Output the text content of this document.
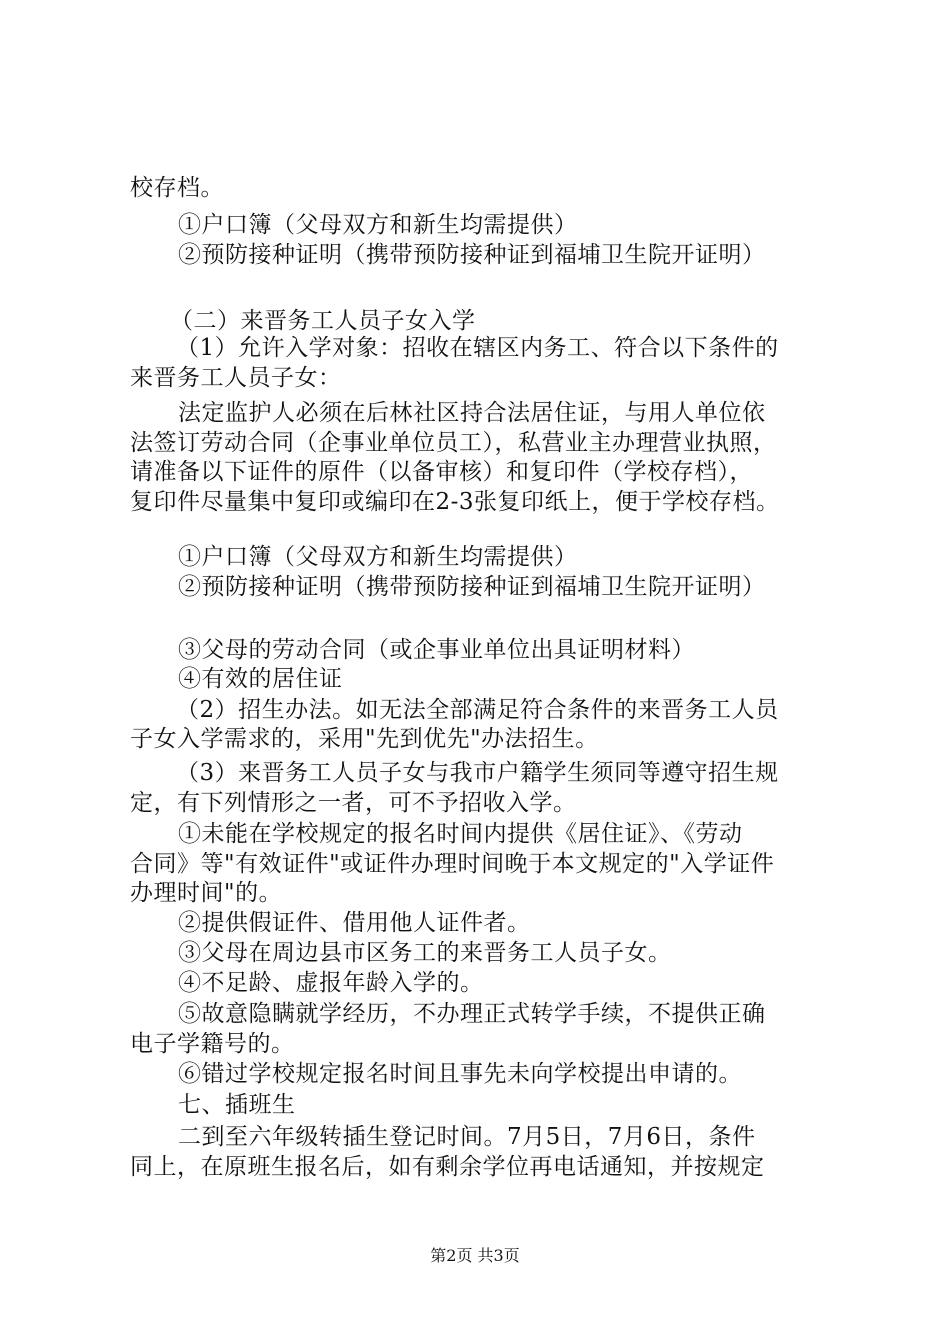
校存档。
①户口簿（父母双方和新生均需提供）
②预防接种证明（携带预防接种证到福埔卫生院开证明）
（二）来晋务工人员子女入学
（1）允许入学对象：招收在辖区内务工、符合以下条件的
来晋务工人员子女：
法定监护人必须在后林社区持合法居住证，与用人单位依
法签订劳动合同（企事业单位员工），私营业主办理营业执照，
请准备以下证件的原件（以备审核）和复印件（学校存档），
复印件尽量集中复印或编印在2-3张复印纸上，便于学校存档。
①户口簿（父母双方和新生均需提供）
②预防接种证明（携带预防接种证到福埔卫生院开证明）
③父母的劳动合同（或企事业单位出具证明材料）
④有效的居住证
（2）招生办法。如无法全部满足符合条件的来晋务工人员
子女入学需求的，采用"先到优先"办法招生。
（3）来晋务工人员子女与我市户籍学生须同等遵守招生规
定，有下列情形之一者，可不予招收入学。
①未能在学校规定的报名时间内提供《居住证》、《劳动
合同》等"有效证件"或证件办理时间晚于本文规定的"入学证件
办理时间"的。
②提供假证件、借用他人证件者。
③父母在周边县市区务工的来晋务工人员子女。
④不足龄、虚报年龄入学的。
⑤故意隐瞒就学经历，不办理正式转学手续，不提供正确
电子学籍号的。
⑥错过学校规定报名时间且事先未向学校提出申请的。
七、插班生
二到至六年级转插生登记时间。7月5日，7月6日，条件
同上，在原班生报名后，如有剩余学位再电话通知，并按规定
第2页 共3页
